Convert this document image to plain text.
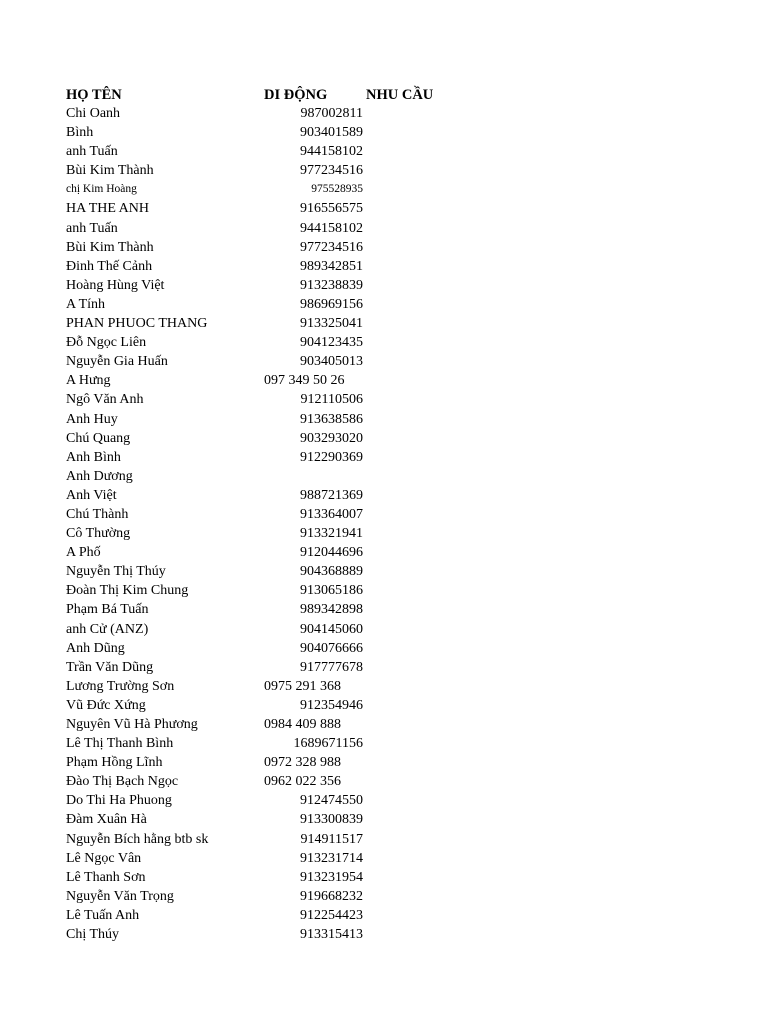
HỌ TÊN	DI ĐỘNG	NHU CẦU
Chi Oanh	987002811
Bình	903401589
anh Tuấn	944158102
Bùi Kim Thành	977234516
chị Kim Hoàng	975528935
HA THE ANH	916556575
anh Tuấn	944158102
Bùi Kim Thành	977234516
Đinh Thế Cảnh	989342851
Hoàng Hùng Việt	913238839
A Tính	986969156
PHAN PHUOC THANG	913325041
Đỗ Ngọc Liên	904123435
Nguyễn Gia Huấn	903405013
A Hưng	097 349 50 26
Ngô Văn Anh	912110506
Anh Huy	913638586
Chú Quang	903293020
Anh Bình	912290369
Anh Dương
Anh Việt	988721369
Chú Thành	913364007
Cô Thường	913321941
A Phố	912044696
Nguyễn Thị Thúy	904368889
Đoàn Thị Kim Chung	913065186
Phạm Bá Tuấn	989342898
anh Cử (ANZ)	904145060
Anh Dũng	904076666
Trần Văn Dũng	917777678
Lương Trường Sơn	0975 291 368
Vũ Đức Xứng	912354946
Nguyên Vũ Hà Phương	0984 409 888
Lê Thị Thanh Bình	1689671156
Phạm Hồng Lĩnh	0972 328 988
Đào Thị Bạch Ngọc	0962 022 356
Do Thi Ha Phuong	912474550
Đàm Xuân Hà	913300839
Nguyễn Bích hằng btb sk	914911517
Lê Ngọc Vân	913231714
Lê Thanh Sơn	913231954
Nguyễn Văn Trọng	919668232
Lê Tuấn Anh	912254423
Chị Thúy	913315413
